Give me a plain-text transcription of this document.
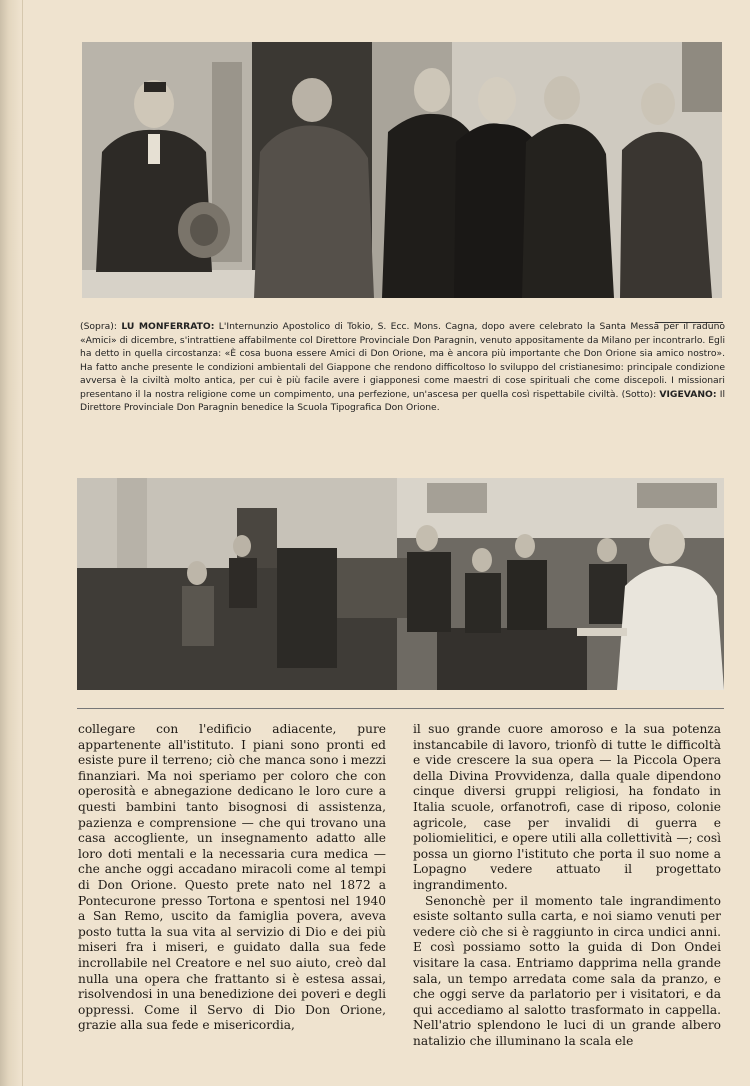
(Sopra): LU MONFERRATO: L'Internunzio Apostolico di Tokio, S. Ecc. Mons. Cagna, dopo avere celebrato la Santa Messa per il raduno «Amici» di dicembre, s'intrattiene affabilmente col Direttore Provinciale Don Paragnin, venuto appositamente da Milano per incontrarlo. Egli ha detto in quella circostanza: «È cosa buona essere Amici di Don Orione, ma è ancora più importante che Don Orione sia amico nostro». Ha fatto anche presente le condizioni ambientali del Giappone che rendono difficoltoso lo sviluppo del cristianesimo: principale condizione avversa è la civiltà molto antica, per cui è più facile avere i giapponesi come maestri di cose spirituali che come discepoli. I missionari presentano il la nostra religione come un compimento, una perfezione, un'ascesa per quella così rispettabile civiltà. (Sotto): VIGEVANO: Il Direttore Provinciale Don Paragnin benedice la Scuola Tipografica Don Orione.

collegare con l'edificio adiacente, pure appartenente all'istituto. I piani sono pronti ed esiste pure il terreno; ciò che manca sono i mezzi finanziari. Ma noi speriamo per coloro che con operosità e abnegazione dedicano le loro cure a questi bambini tanto bisognosi di assistenza, pazienza e comprensione — che qui trovano una casa accogliente, un insegnamento adatto alle loro doti mentali e la necessaria cura medica — che anche oggi accadano miracoli come al tempi di Don Orione. Questo prete nato nel 1872 a Pontecurone presso Tortona e spentosi nel 1940 a San Remo, uscito da famiglia povera, aveva posto tutta la sua vita al servizio di Dio e dei più miseri fra i miseri, e guidato dalla sua fede incrollabile nel Creatore e nel suo aiuto, creò dal nulla una opera che frattanto si è estesa assai, risolvendosi in una benedizione dei poveri e degli oppressi. Come il Servo di Dio Don Orione, grazie alla sua fede e misericordia,

il suo grande cuore amoroso e la sua potenza instancabile di lavoro, trionfò di tutte le difficoltà e vide crescere la sua opera — la Piccola Opera della Divina Provvidenza, dalla quale dipendono cinque diversi gruppi religiosi, ha fondato in Italia scuole, orfanotrofi, case di riposo, colonie agricole, case per invalidi di guerra e poliomielitici, e opere utili alla collettività —; così possa un giorno l'istituto che porta il suo nome a Lopagno vedere attuato il progettato ingrandimento.

Senonchè per il momento tale ingrandimento esiste soltanto sulla carta, e noi siamo venuti per vedere ciò che si è raggiunto in circa undici anni. E così possiamo sotto la guida di Don Ondei visitare la casa. Entriamo dapprima nella grande sala, un tempo arredata come sala da pranzo, e che oggi serve da parlatorio per i visitatori, e da qui accediamo al salotto trasformato in cappella. Nell'atrio splendono le luci di un grande albero natalizio che illuminano la scala ele
